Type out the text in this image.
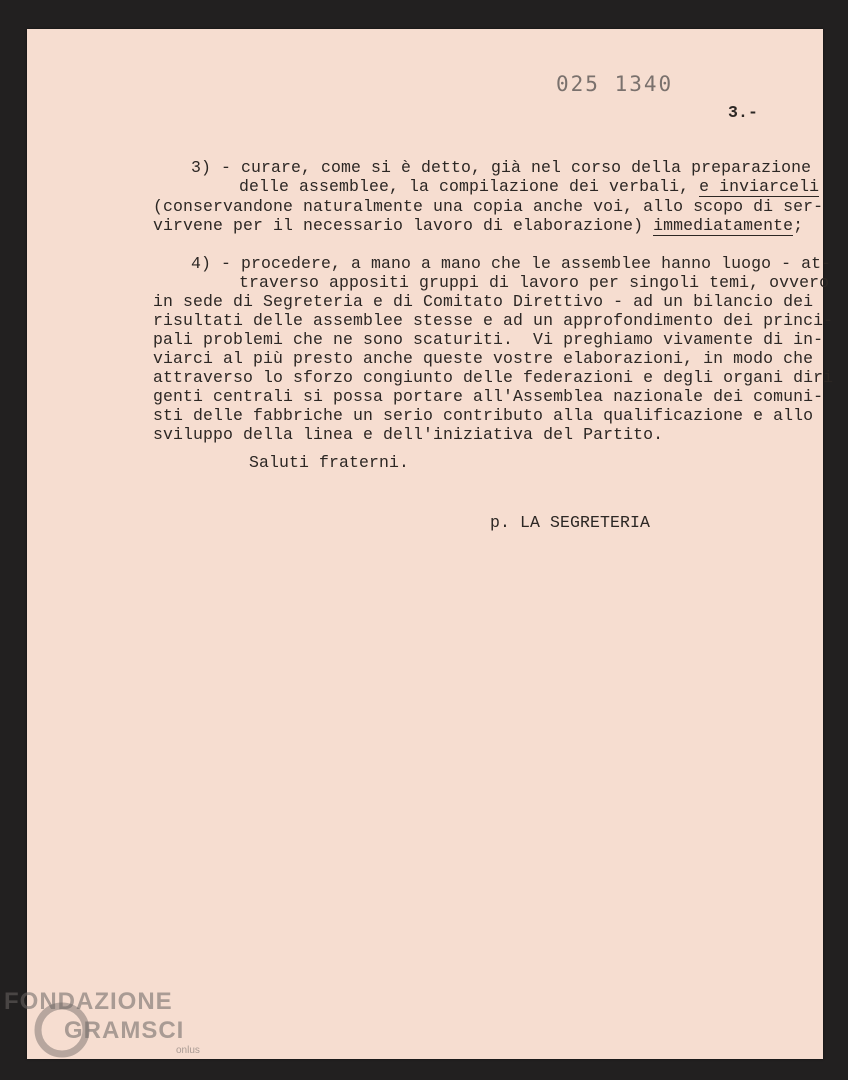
025 1340
3.-
3) - curare, come si è detto, già nel corso della preparazione
delle assemblee, la compilazione dei verbali, e inviarceli
(conservandone naturalmente una copia anche voi, allo scopo di ser-
virvene per il necessario lavoro di elaborazione) immediatamente;
4) - procedere, a mano a mano che le assemblee hanno luogo - at-
traverso appositi gruppi di lavoro per singoli temi, ovvero
in sede di Segreteria e di Comitato Direttivo - ad un bilancio dei
risultati delle assemblee stesse e ad un approfondimento dei princi-
pali problemi che ne sono scaturiti.  Vi preghiamo vivamente di in-
viarci al più presto anche queste vostre elaborazioni, in modo che
attraverso lo sforzo congiunto delle federazioni e degli organi diri
genti centrali si possa portare all'Assemblea nazionale dei comuni-
sti delle fabbriche un serio contributo alla qualificazione e allo
sviluppo della linea e dell'iniziativa del Partito.
Saluti fraterni.
p. LA SEGRETERIA
FONDAZIONE
GRAMSCI
onlus
